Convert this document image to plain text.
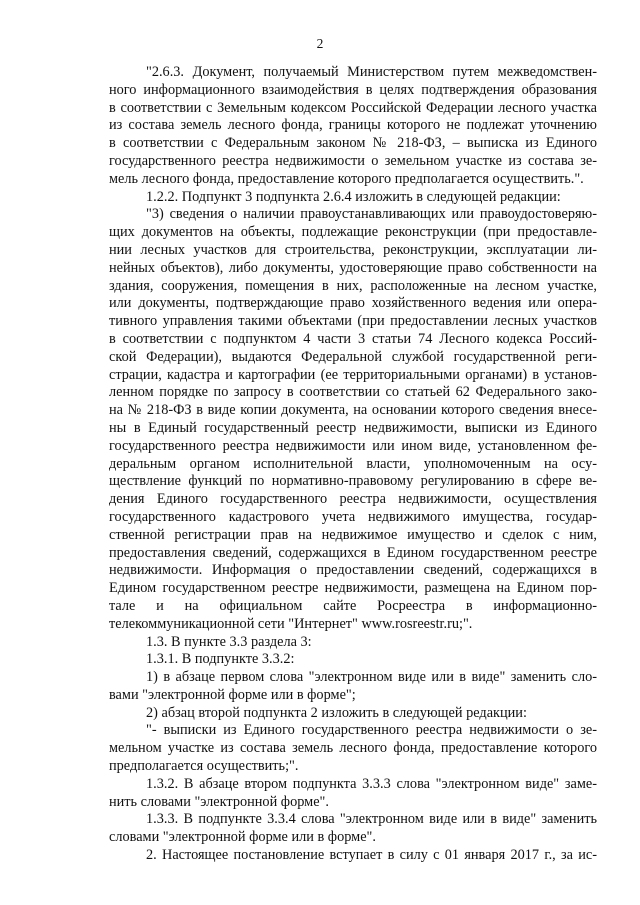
2
"2.6.3. Документ, получаемый Министерством путем межведомствен-
ного информационного взаимодействия в целях подтверждения образования
в соответствии с Земельным кодексом Российской Федерации лесного участка
из состава земель лесного фонда, границы которого не подлежат уточнению
в соответствии с Федеральным законом № 218-ФЗ, – выписка из Единого
государственного реестра недвижимости о земельном участке из состава зе-
мель лесного фонда, предоставление которого предполагается осуществить.".
1.2.2. Подпункт 3 подпункта 2.6.4 изложить в следующей редакции:
"3) сведения о наличии правоустанавливающих или правоудостоверяю-
щих документов на объекты, подлежащие реконструкции (при предоставле-
нии лесных участков для строительства, реконструкции, эксплуатации ли-
нейных объектов), либо документы, удостоверяющие право собственности на
здания, сооружения, помещения в них, расположенные на лесном участке,
или документы, подтверждающие право хозяйственного ведения или опера-
тивного управления такими объектами (при предоставлении лесных участков
в соответствии с подпунктом 4 части 3 статьи 74 Лесного кодекса Россий-
ской Федерации), выдаются Федеральной службой государственной реги-
страции, кадастра и картографии (ее территориальными органами) в установ-
ленном порядке по запросу в соответствии со статьей 62 Федерального зако-
на № 218-ФЗ в виде копии документа, на основании которого сведения внесе-
ны в Единый государственный реестр недвижимости, выписки из Единого
государственного реестра недвижимости или ином виде, установленном фе-
деральным органом исполнительной власти, уполномоченным на осу-
ществление функций по нормативно-правовому регулированию в сфере ве-
дения Единого государственного реестра недвижимости, осуществления
государственного кадастрового учета недвижимого имущества, государ-
ственной регистрации прав на недвижимое имущество и сделок с ним,
предоставления сведений, содержащихся в Едином государственном реестре
недвижимости. Информация о предоставлении сведений, содержащихся в
Едином государственном реестре недвижимости, размещена на Едином пор-
тале и на официальном сайте Росреестра в информационно-
телекоммуникационной сети "Интернет" www.rosreestr.ru;".
1.3. В пункте 3.3 раздела 3:
1.3.1. В подпункте 3.3.2:
1) в абзаце первом слова "электронном виде или в виде" заменить сло-
вами "электронной форме или в форме";
2) абзац второй подпункта 2 изложить в следующей редакции:
"- выписки из Единого государственного реестра недвижимости о зе-
мельном участке из состава земель лесного фонда, предоставление которого
предполагается осуществить;".
1.3.2. В абзаце втором подпункта 3.3.3 слова "электронном виде" заме-
нить словами "электронной форме".
1.3.3. В подпункте 3.3.4 слова "электронном виде или в виде" заменить
словами "электронной форме или в форме".
2. Настоящее постановление вступает в силу с 01 января 2017 г., за ис-
